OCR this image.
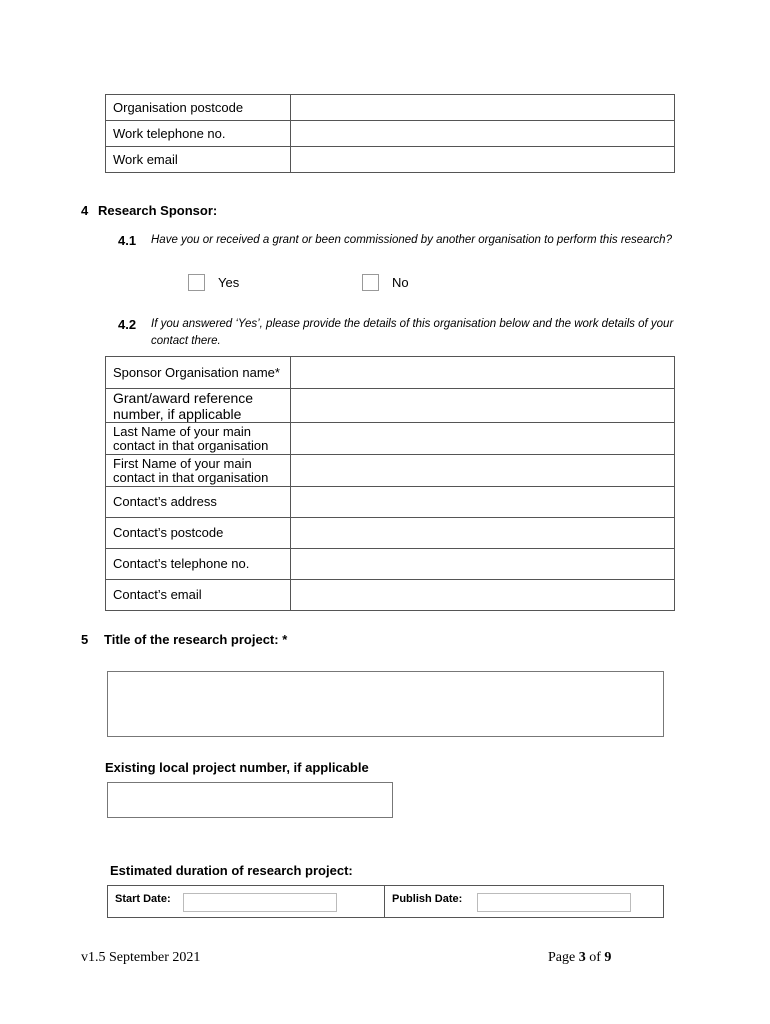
Organisation postcode	
Work telephone no.	
Work email	
4 Research Sponsor:
4.1 Have you or received a grant or been commissioned by another organisation to perform this research?
Yes	No
4.2 If you answered ‘Yes’, please provide the details of this organisation below and the work details of your contact there.
Sponsor Organisation name*	
Grant/award reference number, if applicable	
Last Name of your main contact in that organisation	
First Name of your main contact in that organisation	
Contact’s address	
Contact’s postcode	
Contact’s telephone no.	
Contact’s email	
5 Title of the research project: *
Existing local project number, if applicable
Estimated duration of research project:
Start Date:	Publish Date:
v1.5 September 2021	Page 3 of 9
